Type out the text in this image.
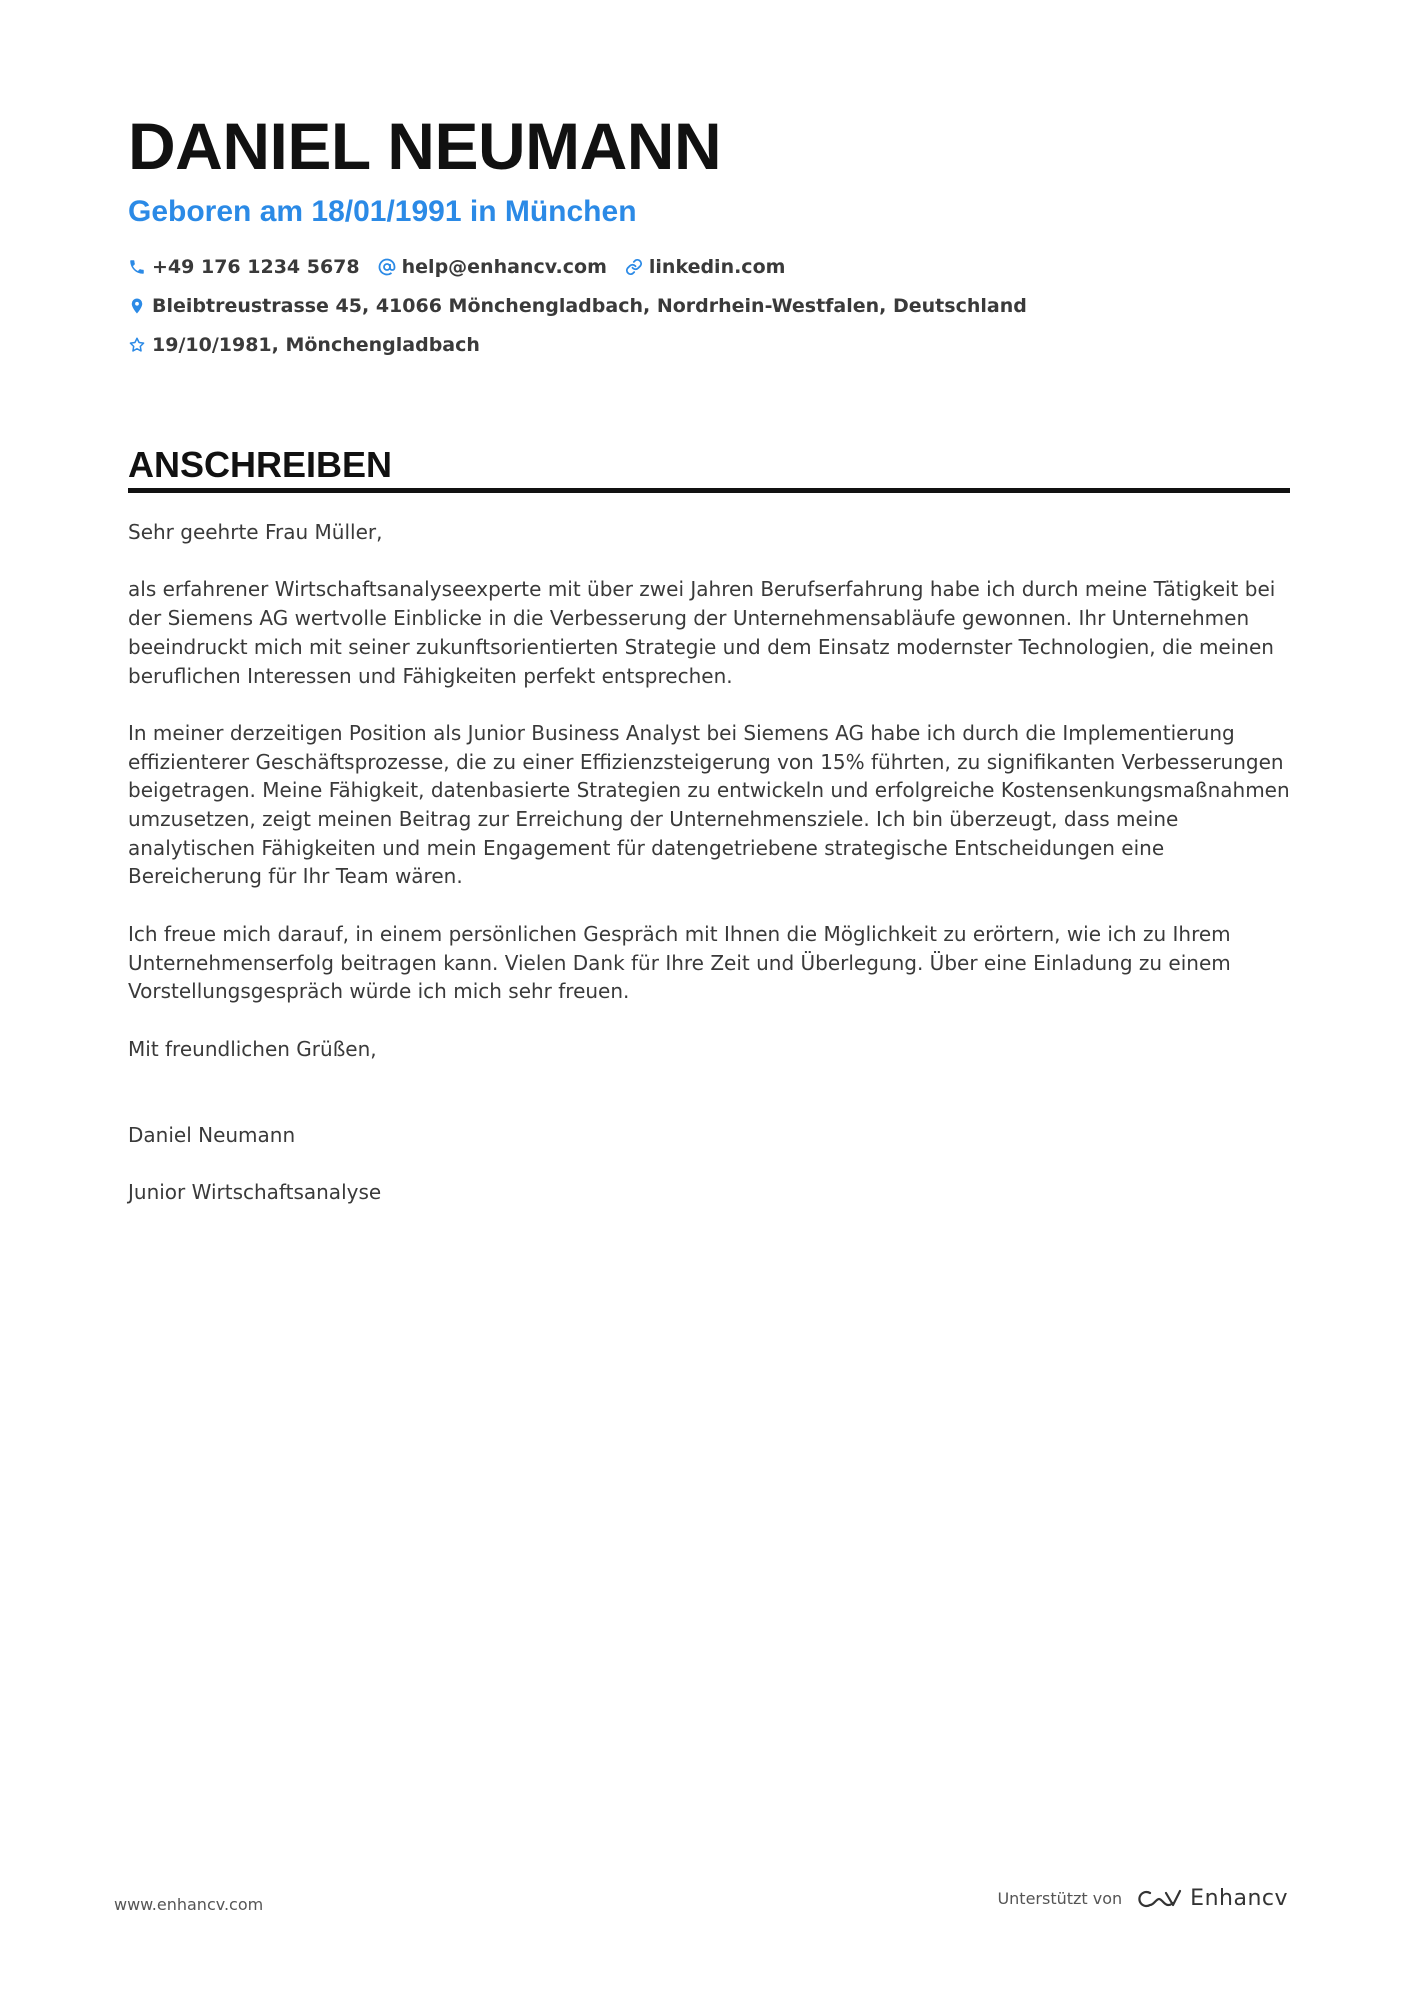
DANIEL NEUMANN
Geboren am 18/01/1991 in München
+49 176 1234 5678 help@enhancv.com linkedin.com
Bleibtreustrasse 45, 41066 Mönchengladbach, Nordrhein-Westfalen, Deutschland
19/10/1981, Mönchengladbach
ANSCHREIBEN

Sehr geehrte Frau Müller,

als erfahrener Wirtschaftsanalyseexperte mit über zwei Jahren Berufserfahrung habe ich durch meine Tätigkeit bei der Siemens AG wertvolle Einblicke in die Verbesserung der Unternehmensabläufe gewonnen. Ihr Unternehmen beeindruckt mich mit seiner zukunftsorientierten Strategie und dem Einsatz modernster Technologien, die meinen beruflichen Interessen und Fähigkeiten perfekt entsprechen.

In meiner derzeitigen Position als Junior Business Analyst bei Siemens AG habe ich durch die Implementierung effizienterer Geschäftsprozesse, die zu einer Effizienzsteigerung von 15% führten, zu signifikanten Verbesserungen beigetragen. Meine Fähigkeit, datenbasierte Strategien zu entwickeln und erfolgreiche Kostensenkungsmaßnahmen umzusetzen, zeigt meinen Beitrag zur Erreichung der Unternehmensziele. Ich bin überzeugt, dass meine analytischen Fähigkeiten und mein Engagement für datengetriebene strategische Entscheidungen eine Bereicherung für Ihr Team wären.

Ich freue mich darauf, in einem persönlichen Gespräch mit Ihnen die Möglichkeit zu erörtern, wie ich zu Ihrem Unternehmenserfolg beitragen kann. Vielen Dank für Ihre Zeit und Überlegung. Über eine Einladung zu einem Vorstellungsgespräch würde ich mich sehr freuen.

Mit freundlichen Grüßen,

Daniel Neumann

Junior Wirtschaftsanalyse

www.enhancv.com	Unterstützt von	Enhancv
